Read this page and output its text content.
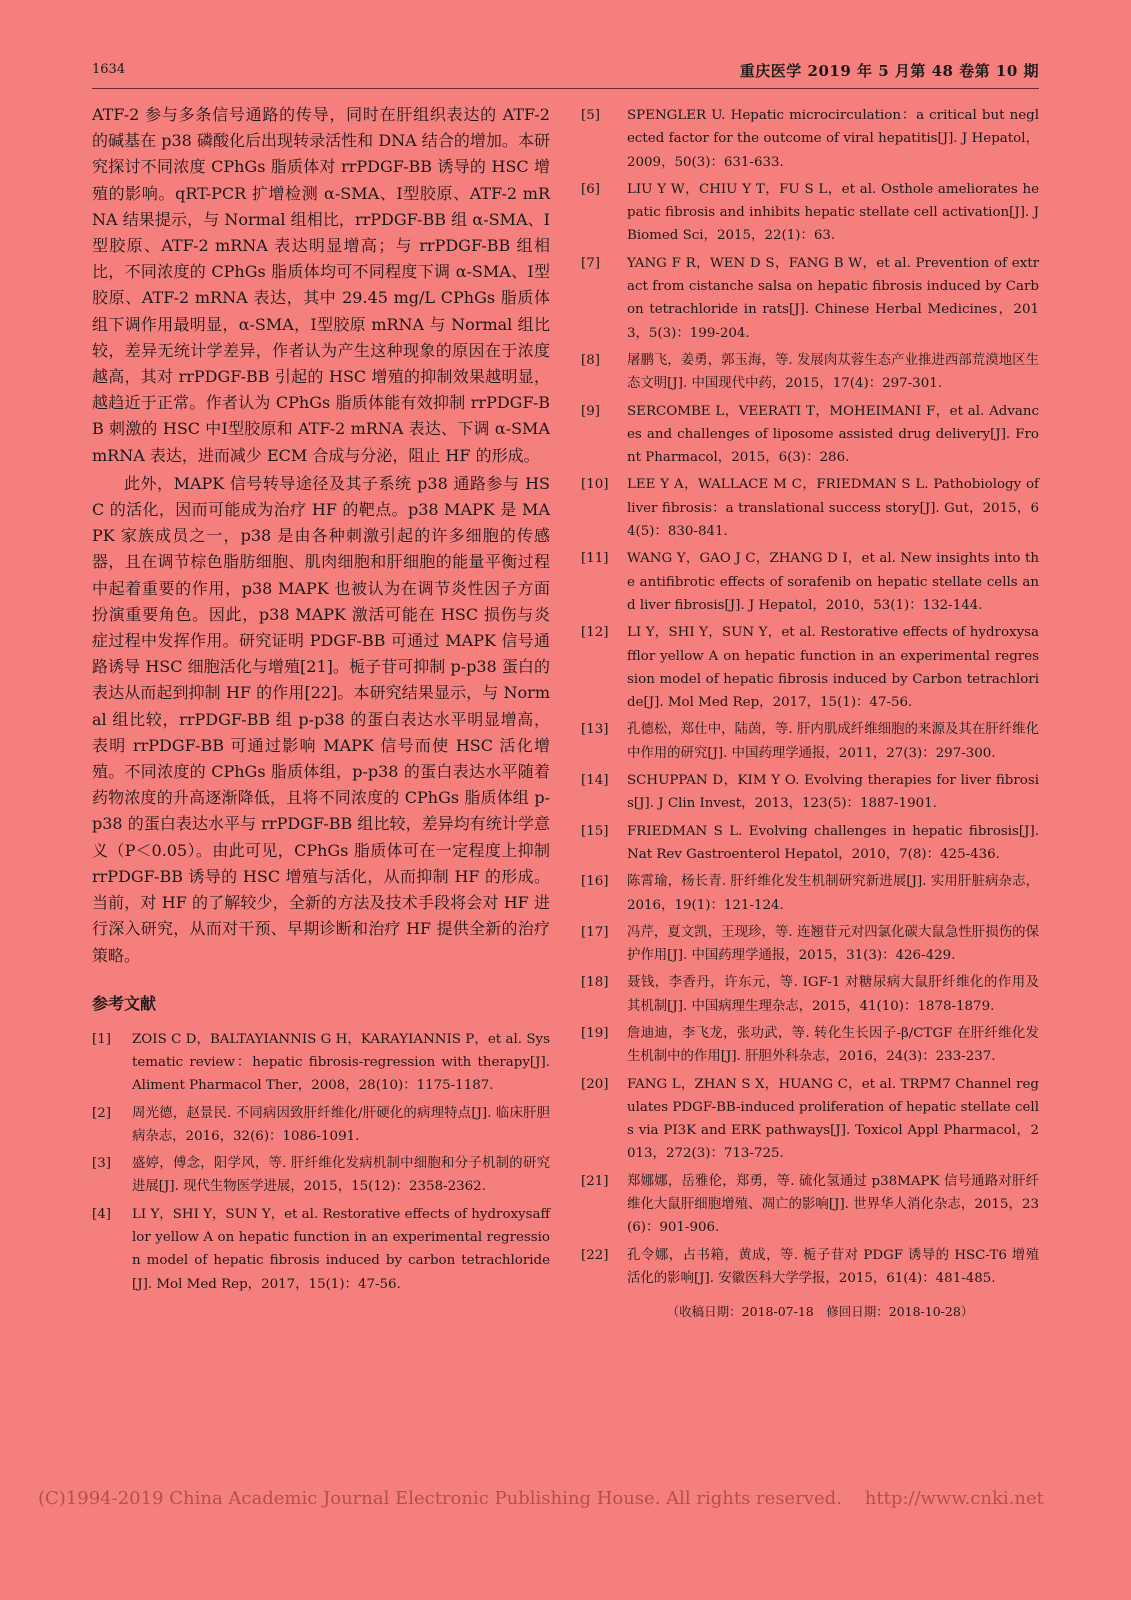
1634	重庆医学 2019 年 5 月第 48 卷第 10 期

ATF-2 参与多条信号通路的传导，同时在肝组织表达的 ATF-2 的碱基在 p38 磷酸化后出现转录活性和 DNA 结合的增加。本研究探讨不同浓度 CPhGs 脂质体对 rrPDGF-BB 诱导的 HSC 增殖的影响。qRT-PCR 扩增检测 α-SMA、Ⅰ型胶原、ATF-2 mRNA 结果提示，与 Normal 组相比，rrPDGF-BB 组 α-SMA、Ⅰ型胶原、ATF-2 mRNA 表达明显增高；与 rrPDGF-BB 组相比，不同浓度的 CPhGs 脂质体均可不同程度下调 α-SMA、Ⅰ型胶原、ATF-2 mRNA 表达，其中 29.45 mg/L CPhGs 脂质体组下调作用最明显，α-SMA，Ⅰ型胶原 mRNA 与 Normal 组比较，差异无统计学差异，作者认为产生这种现象的原因在于浓度越高，其对 rrPDGF-BB 引起的 HSC 增殖的抑制效果越明显，越趋近于正常。作者认为 CPhGs 脂质体能有效抑制 rrPDGF-BB 刺激的 HSC 中Ⅰ型胶原和 ATF-2 mRNA 表达、下调 α-SMA mRNA 表达，进而减少 ECM 合成与分泌，阻止 HF 的形成。

此外，MAPK 信号转导途径及其子系统 p38 通路参与 HSC 的活化，因而可能成为治疗 HF 的靶点。p38 MAPK 是 MAPK 家族成员之一，p38 是由各种刺激引起的许多细胞的传感器，且在调节棕色脂肪细胞、肌肉细胞和肝细胞的能量平衡过程中起着重要的作用，p38 MAPK 也被认为在调节炎性因子方面扮演重要角色。因此，p38 MAPK 激活可能在 HSC 损伤与炎症过程中发挥作用。研究证明 PDGF-BB 可通过 MAPK 信号通路诱导 HSC 细胞活化与增殖[21]。栀子苷可抑制 p-p38 蛋白的表达从而起到抑制 HF 的作用[22]。本研究结果显示，与 Normal 组比较，rrPDGF-BB 组 p-p38 的蛋白表达水平明显增高，表明 rrPDGF-BB 可通过影响 MAPK 信号而使 HSC 活化增殖。不同浓度的 CPhGs 脂质体组，p-p38 的蛋白表达水平随着药物浓度的升高逐渐降低，且将不同浓度的 CPhGs 脂质体组 p-p38 的蛋白表达水平与 rrPDGF-BB 组比较，差异均有统计学意义（P＜0.05）。由此可见，CPhGs 脂质体可在一定程度上抑制 rrPDGF-BB 诱导的 HSC 增殖与活化，从而抑制 HF 的形成。当前，对 HF 的了解较少，全新的方法及技术手段将会对 HF 进行深入研究，从而对干预、早期诊断和治疗 HF 提供全新的治疗策略。

参考文献
[1] ZOIS C D，BALTAYIANNIS G H，KARAYIANNIS P，et al. Systematic review：hepatic fibrosis-regression with therapy[J]. Aliment Pharmacol Ther，2008，28(10)：1175-1187.
[2] 周光德，赵景民. 不同病因致肝纤维化/肝硬化的病理特点[J]. 临床肝胆病杂志，2016，32(6)：1086-1091.
[3] 盛婷，傅念，阳学风，等. 肝纤维化发病机制中细胞和分子机制的研究进展[J]. 现代生物医学进展，2015，15(12)：2358-2362.
[4] LI Y，SHI Y，SUN Y，et al. Restorative effects of hydroxysafflor yellow A on hepatic function in an experimental regression model of hepatic fibrosis induced by carbon tetrachloride[J]. Mol Med Rep，2017，15(1)：47-56.
[5] SPENGLER U. Hepatic microcirculation：a critical but neglected factor for the outcome of viral hepatitis[J]. J Hepatol，2009，50(3)：631-633.
[6] LIU Y W，CHIU Y T，FU S L，et al. Osthole ameliorates hepatic fibrosis and inhibits hepatic stellate cell activation[J]. J Biomed Sci，2015，22(1)：63.
[7] YANG F R，WEN D S，FANG B W，et al. Prevention of extract from cistanche salsa on hepatic fibrosis induced by Carbon tetrachloride in rats[J]. Chinese Herbal Medicines，2013，5(3)：199-204.
[8] 屠鹏飞，姜勇，郭玉海，等. 发展肉苁蓉生态产业推进西部荒漠地区生态文明[J]. 中国现代中药，2015，17(4)：297-301.
[9] SERCOMBE L，VEERATI T，MOHEIMANI F，et al. Advances and challenges of liposome assisted drug delivery[J]. Front Pharmacol，2015，6(3)：286.
[10] LEE Y A，WALLACE M C，FRIEDMAN S L. Pathobiology of liver fibrosis：a translational success story[J]. Gut，2015，64(5)：830-841.
[11] WANG Y，GAO J C，ZHANG D I，et al. New insights into the antifibrotic effects of sorafenib on hepatic stellate cells and liver fibrosis[J]. J Hepatol，2010，53(1)：132-144.
[12] LI Y，SHI Y，SUN Y，et al. Restorative effects of hydroxysafflor yellow A on hepatic function in an experimental regression model of hepatic fibrosis induced by Carbon tetrachloride[J]. Mol Med Rep，2017，15(1)：47-56.
[13] 孔德松，郑仕中，陆茵，等. 肝内肌成纤维细胞的来源及其在肝纤维化中作用的研究[J]. 中国药理学通报，2011，27(3)：297-300.
[14] SCHUPPAN D，KIM Y O. Evolving therapies for liver fibrosis[J]. J Clin Invest，2013，123(5)：1887-1901.
[15] FRIEDMAN S L. Evolving challenges in hepatic fibrosis[J]. Nat Rev Gastroenterol Hepatol，2010，7(8)：425-436.
[16] 陈霄瑜，杨长青. 肝纤维化发生机制研究新进展[J]. 实用肝脏病杂志，2016，19(1)：121-124.
[17] 冯芹，夏文凯，王现珍，等. 连翘苷元对四氯化碳大鼠急性肝损伤的保护作用[J]. 中国药理学通报，2015，31(3)：426-429.
[18] 聂钱，李香丹，许东元，等. IGF-1 对糖尿病大鼠肝纤维化的作用及其机制[J]. 中国病理生理杂志，2015，41(10)：1878-1879.
[19] 詹迪迪，李飞龙，张功武，等. 转化生长因子-β/CTGF 在肝纤维化发生机制中的作用[J]. 肝胆外科杂志，2016，24(3)：233-237.
[20] FANG L，ZHAN S X，HUANG C，et al. TRPM7 Channel regulates PDGF-BB-induced proliferation of hepatic stellate cells via PI3K and ERK pathways[J]. Toxicol Appl Pharmacol，2013，272(3)：713-725.
[21] 郑娜娜，岳雅伦，郑勇，等. 硫化氢通过 p38MAPK 信号通路对肝纤维化大鼠肝细胞增殖、凋亡的影响[J]. 世界华人消化杂志，2015，23(6)：901-906.
[22] 孔令娜，占书箱，黄成，等. 栀子苷对 PDGF 诱导的 HSC-T6 增殖活化的影响[J]. 安徽医科大学学报，2015，61(4)：481-485.
（收稿日期：2018-07-18　修回日期：2018-10-28）
(C)1994-2019 China Academic Journal Electronic Publishing House. All rights reserved.    http://www.cnki.net
